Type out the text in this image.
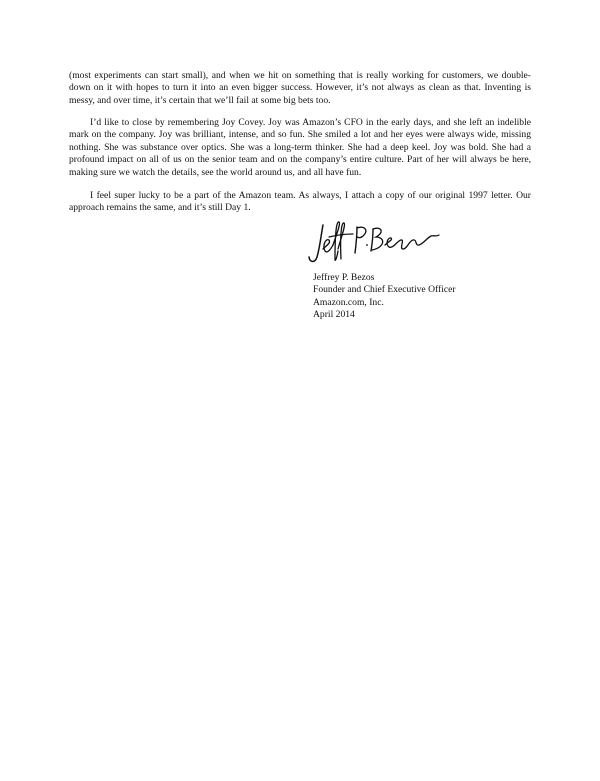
(most experiments can start small), and when we hit on something that is really working for customers, we double-down on it with hopes to turn it into an even bigger success. However, it’s not always as clean as that. Inventing is messy, and over time, it’s certain that we’ll fail at some big bets too.

I’d like to close by remembering Joy Covey. Joy was Amazon’s CFO in the early days, and she left an indelible mark on the company. Joy was brilliant, intense, and so fun. She smiled a lot and her eyes were always wide, missing nothing. She was substance over optics. She was a long-term thinker. She had a deep keel. Joy was bold. She had a profound impact on all of us on the senior team and on the company’s entire culture. Part of her will always be here, making sure we watch the details, see the world around us, and all have fun.

I feel super lucky to be a part of the Amazon team. As always, I attach a copy of our original 1997 letter. Our approach remains the same, and it’s still Day 1.

Jeffrey P. Bezos
Founder and Chief Executive Officer
Amazon.com, Inc.
April 2014
